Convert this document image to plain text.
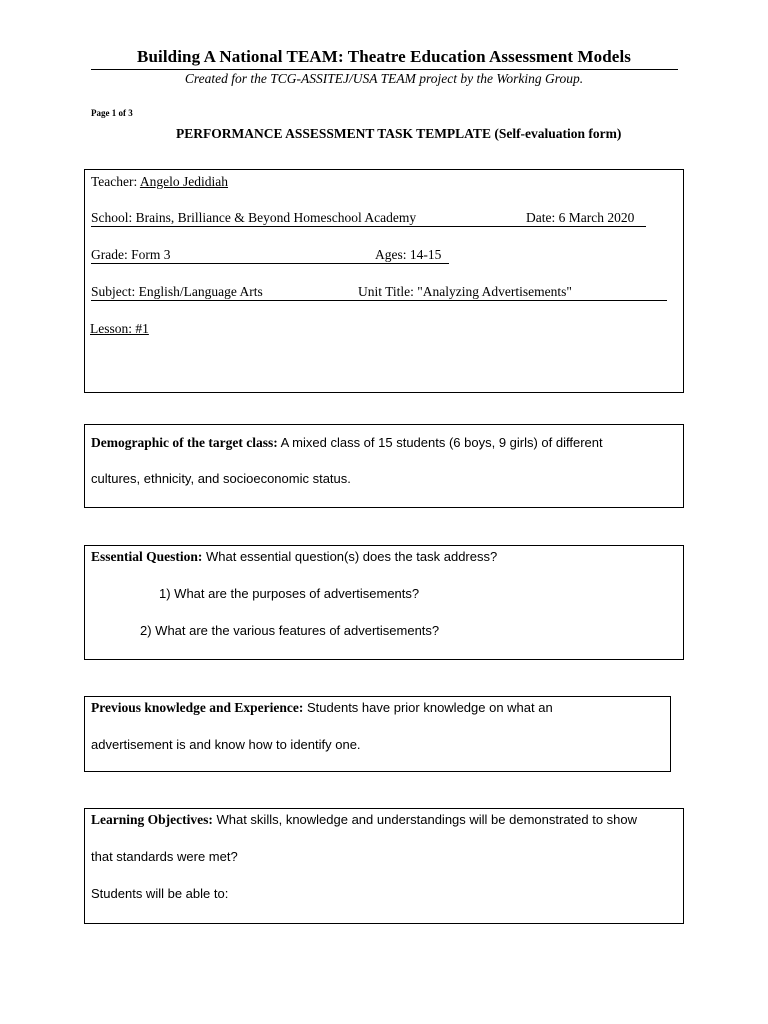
Building A National TEAM: Theatre Education Assessment Models
Created for the TCG-ASSITEJ/USA TEAM project by the Working Group.
Page 1 of 3
PERFORMANCE ASSESSMENT TASK TEMPLATE (Self-evaluation form)
Teacher: Angelo Jedidiah
School: Brains, Brilliance & Beyond Homeschool Academy	Date: 6 March 2020
Grade: Form 3	Ages: 14-15
Subject: English/Language Arts	Unit Title: "Analyzing Advertisements"
Lesson: #1
Demographic of the target class: A mixed class of 15 students (6 boys, 9 girls) of different
cultures, ethnicity, and socioeconomic status.
Essential Question: What essential question(s) does the task address?
1) What are the purposes of advertisements?
2) What are the various features of advertisements?
Previous knowledge and Experience: Students have prior knowledge on what an
advertisement is and know how to identify one.
Learning Objectives: What skills, knowledge and understandings will be demonstrated to show
that standards were met?
Students will be able to:
